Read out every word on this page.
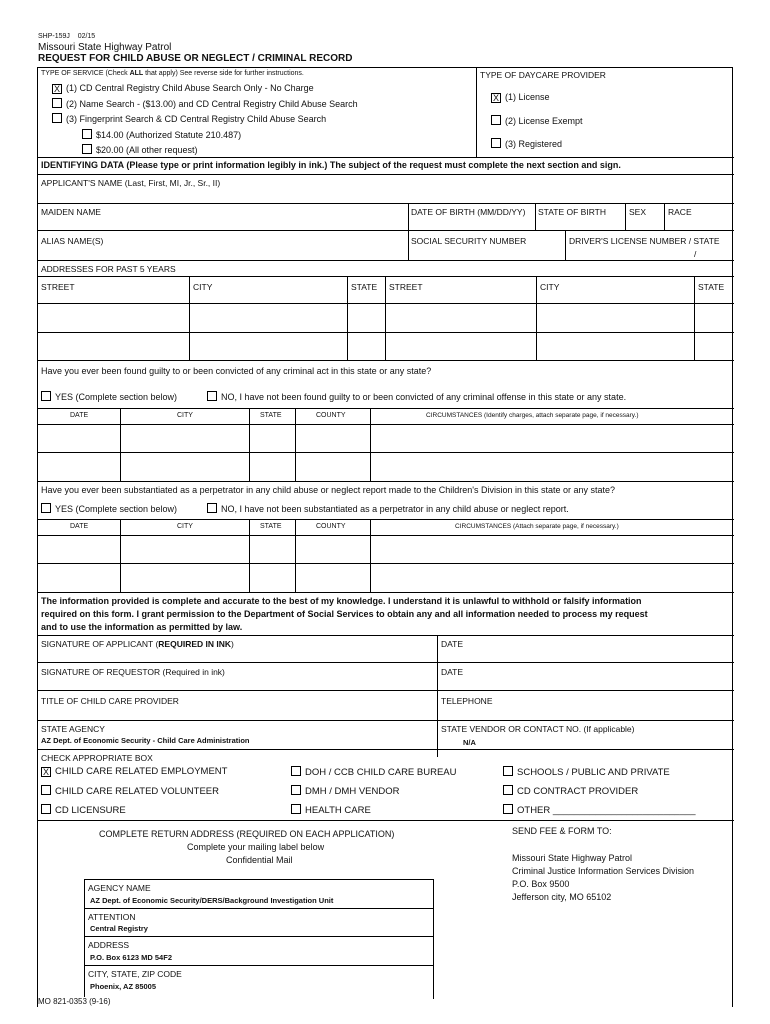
SHP-159J 02/15
Missouri State Highway Patrol
REQUEST FOR CHILD ABUSE OR NEGLECT / CRIMINAL RECORD
TYPE OF SERVICE (Check ALL that apply) See reverse side for further instructions.
X (1) CD Central Registry Child Abuse Search Only - No Charge
(2) Name Search - ($13.00) and CD Central Registry Child Abuse Search
(3) Fingerprint Search & CD Central Registry Child Abuse Search
$14.00 (Authorized Statute 210.487)
$20.00 (All other request)
TYPE OF DAYCARE PROVIDER
X (1) License
(2) License Exempt
(3) Registered
IDENTIFYING DATA (Please type or print information legibly in ink.) The subject of the request must complete the next section and sign.
APPLICANT'S NAME (Last, First, MI, Jr., Sr., II)
MAIDEN NAME	DATE OF BIRTH (MM/DD/YY) STATE OF BIRTH	SEX	RACE
ALIAS NAME(S)	SOCIAL SECURITY NUMBER	DRIVER'S LICENSE NUMBER / STATE
/
ADDRESSES FOR PAST 5 YEARS
STREET	CITY	STATE STREET	CITY	STATE
Have you ever been found guilty to or been convicted of any criminal act in this state or any state?
YES (Complete section below)	NO, I have not been found guilty to or been convicted of any criminal offense in this state or any state.
DATE	CITY	STATE	COUNTY	CIRCUMSTANCES (Identify charges, attach separate page, if necessary.)
Have you ever been substantiated as a perpetrator in any child abuse or neglect report made to the Children's Division in this state or any state?
YES (Complete section below)	NO, I have not been substantiated as a perpetrator in any child abuse or neglect report.
DATE	CITY	STATE	COUNTY	CIRCUMSTANCES (Attach separate page, if necessary.)
The information provided is complete and accurate to the best of my knowledge. I understand it is unlawful to withhold or falsify information
required on this form. I grant permission to the Department of Social Services to obtain any and all information needed to process my request
and to use the information as permitted by law.
SIGNATURE OF APPLICANT (REQUIRED IN INK)	DATE
SIGNATURE OF REQUESTOR (Required in ink)	DATE
TITLE OF CHILD CARE PROVIDER	TELEPHONE
STATE AGENCY
AZ Dept. of Economic Security - Child Care Administration
STATE VENDOR OR CONTACT NO. (If applicable)
N/A
CHECK APPROPRIATE BOX
X CHILD CARE RELATED EMPLOYMENT
CHILD CARE RELATED VOLUNTEER
CD LICENSURE
DOH / CCB CHILD CARE BUREAU
DMH / DMH VENDOR
HEALTH CARE
SCHOOLS / PUBLIC AND PRIVATE
CD CONTRACT PROVIDER
OTHER ___________________________
COMPLETE RETURN ADDRESS (REQUIRED ON EACH APPLICATION)
Complete your mailing label below
Confidential Mail
AGENCY NAME
AZ Dept. of Economic Security/DERS/Background Investigation Unit
ATTENTION
Central Registry
ADDRESS
P.O. Box 6123 MD 54F2
CITY, STATE, ZIP CODE
Phoenix, AZ 85005
SEND FEE & FORM TO:
Missouri State Highway Patrol
Criminal Justice Information Services Division
P.O. Box 9500
Jefferson city, MO 65102
MO 821-0353 (9-16)
